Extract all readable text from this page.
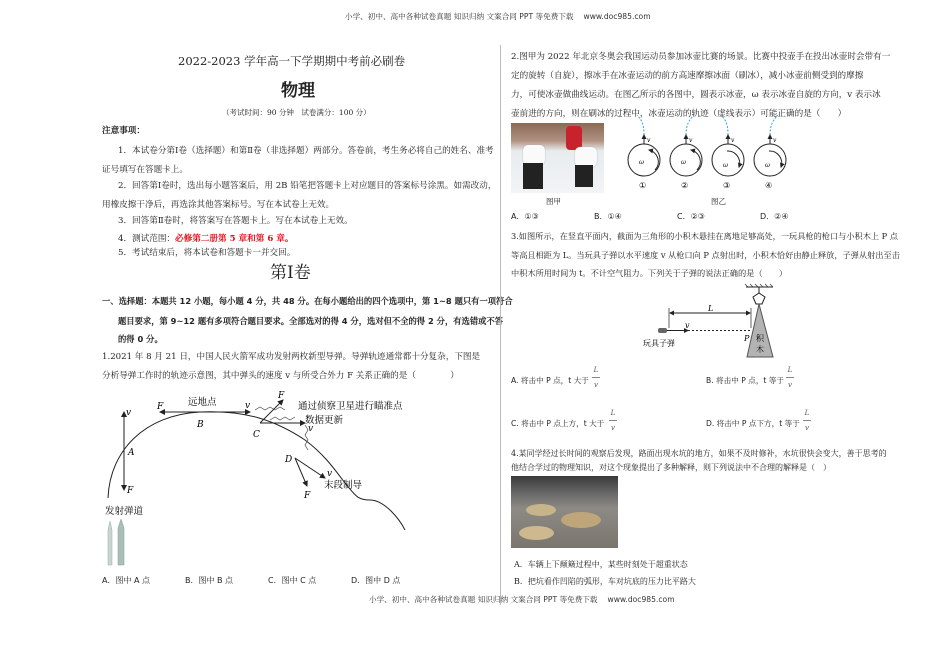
小学、初中、高中各种试卷真题 知识归纳 文案合同 PPT 等免费下载　 www.doc985.com
2022-2023 学年高一下学期期中考前必刷卷
物理
（考试时间：90 分钟　试卷满分：100 分）
注意事项：
1．本试卷分第Ⅰ卷（选择题）和第Ⅱ卷（非选择题）两部分。答卷前，考生务必将自己的姓名、准考
证号填写在答题卡上。
2．回答第Ⅰ卷时，选出每小题答案后，用 2B 铅笔把答题卡上对应题目的答案标号涂黑。如需改动，
用橡皮擦干净后，再选涂其他答案标号。写在本试卷上无效。
3．回答第Ⅱ卷时，将答案写在答题卡上。写在本试卷上无效。
4．测试范围：必修第二册第 5 章和第 6 章。
5．考试结束后，将本试卷和答题卡一并交回。
第Ⅰ卷
一、选择题：本题共 12 小题，每小题 4 分，共 48 分。在每小题给出的四个选项中，第 1~8 题只有一项符合
题目要求，第 9~12 题有多项符合题目要求。全部选对的得 4 分，选对但不全的得 2 分，有选错或不答
的得 0 分。
1.2021 年 8 月 21 日，中国人民火箭军成功发射两枚新型导弹。导弹轨迹通常都十分复杂，下图是
分析导弹工作时的轨迹示意图，其中弹头的速度 v 与所受合外力 F 关系正确的是（　　　　）
v
F
A
B
C
D
F	v
F
v
F
v
远地点	通过侦察卫星进行瞄准点
数据更新
末段制导
发射弹道
A．图中 A 点	B．图中 B 点	C．图中 C 点	D．图中 D 点
2.图甲为 2022 年北京冬奥会我国运动员参加冰壶比赛的场景。比赛中投壶手在投出冰壶时会带有一
定的旋转（自旋），擦冰手在冰壶运动的前方高速摩擦冰面（刷冰），减小冰壶前侧受到的摩擦
力，可使冰壶做曲线运动。在图乙所示的各图中，圆表示冰壶，ω 表示冰壶自旋的方向，v 表示冰
壶前进的方向，则在刷冰的过程中，冰壶运动的轨迹（虚线表示）可能正确的是（　　）
图甲
v
ω
①
v
ω
②
v
ω
③
v
ω
④
图乙
A．①③	B．①④	C．②③	D．②④
3.如图所示，在竖直平面内，截面为三角形的小积木悬挂在离地足够高处，一玩具枪的枪口与小积木上 P 点
等高且相距为 L。当玩具子弹以水平速度 v 从枪口向 P 点射出时，小积木恰好由静止释放，子弹从射出至击
中积木所用时间为 t。不计空气阻力。下列关于子弹的说法正确的是（　　）
L
v
P 积
木
玩具子弹
A. 将击中 P 点，t 大于 $\frac{L}{v}$	B. 将击中 P 点，t 等于 $\frac{L}{v}$
C. 将击中 P 点上方，t 大于 $\frac{L}{v}$	D. 将击中 P 点下方，t 等于 $\frac{L}{v}$
4.某同学经过长时间的观察后发现，路面出现水坑的地方，如果不及时修补，水坑很快会变大，善于思考的
他结合学过的物理知识，对这个现象提出了多种解释，则下列说法中不合理的解释是（　）
A．车辆上下颠簸过程中，某些时刻处于超重状态
B．把坑看作凹陷的弧形，车对坑底的压力比平路大
小学、初中、高中各种试卷真题 知识归纳 文案合同 PPT 等免费下载　 www.doc985.com
